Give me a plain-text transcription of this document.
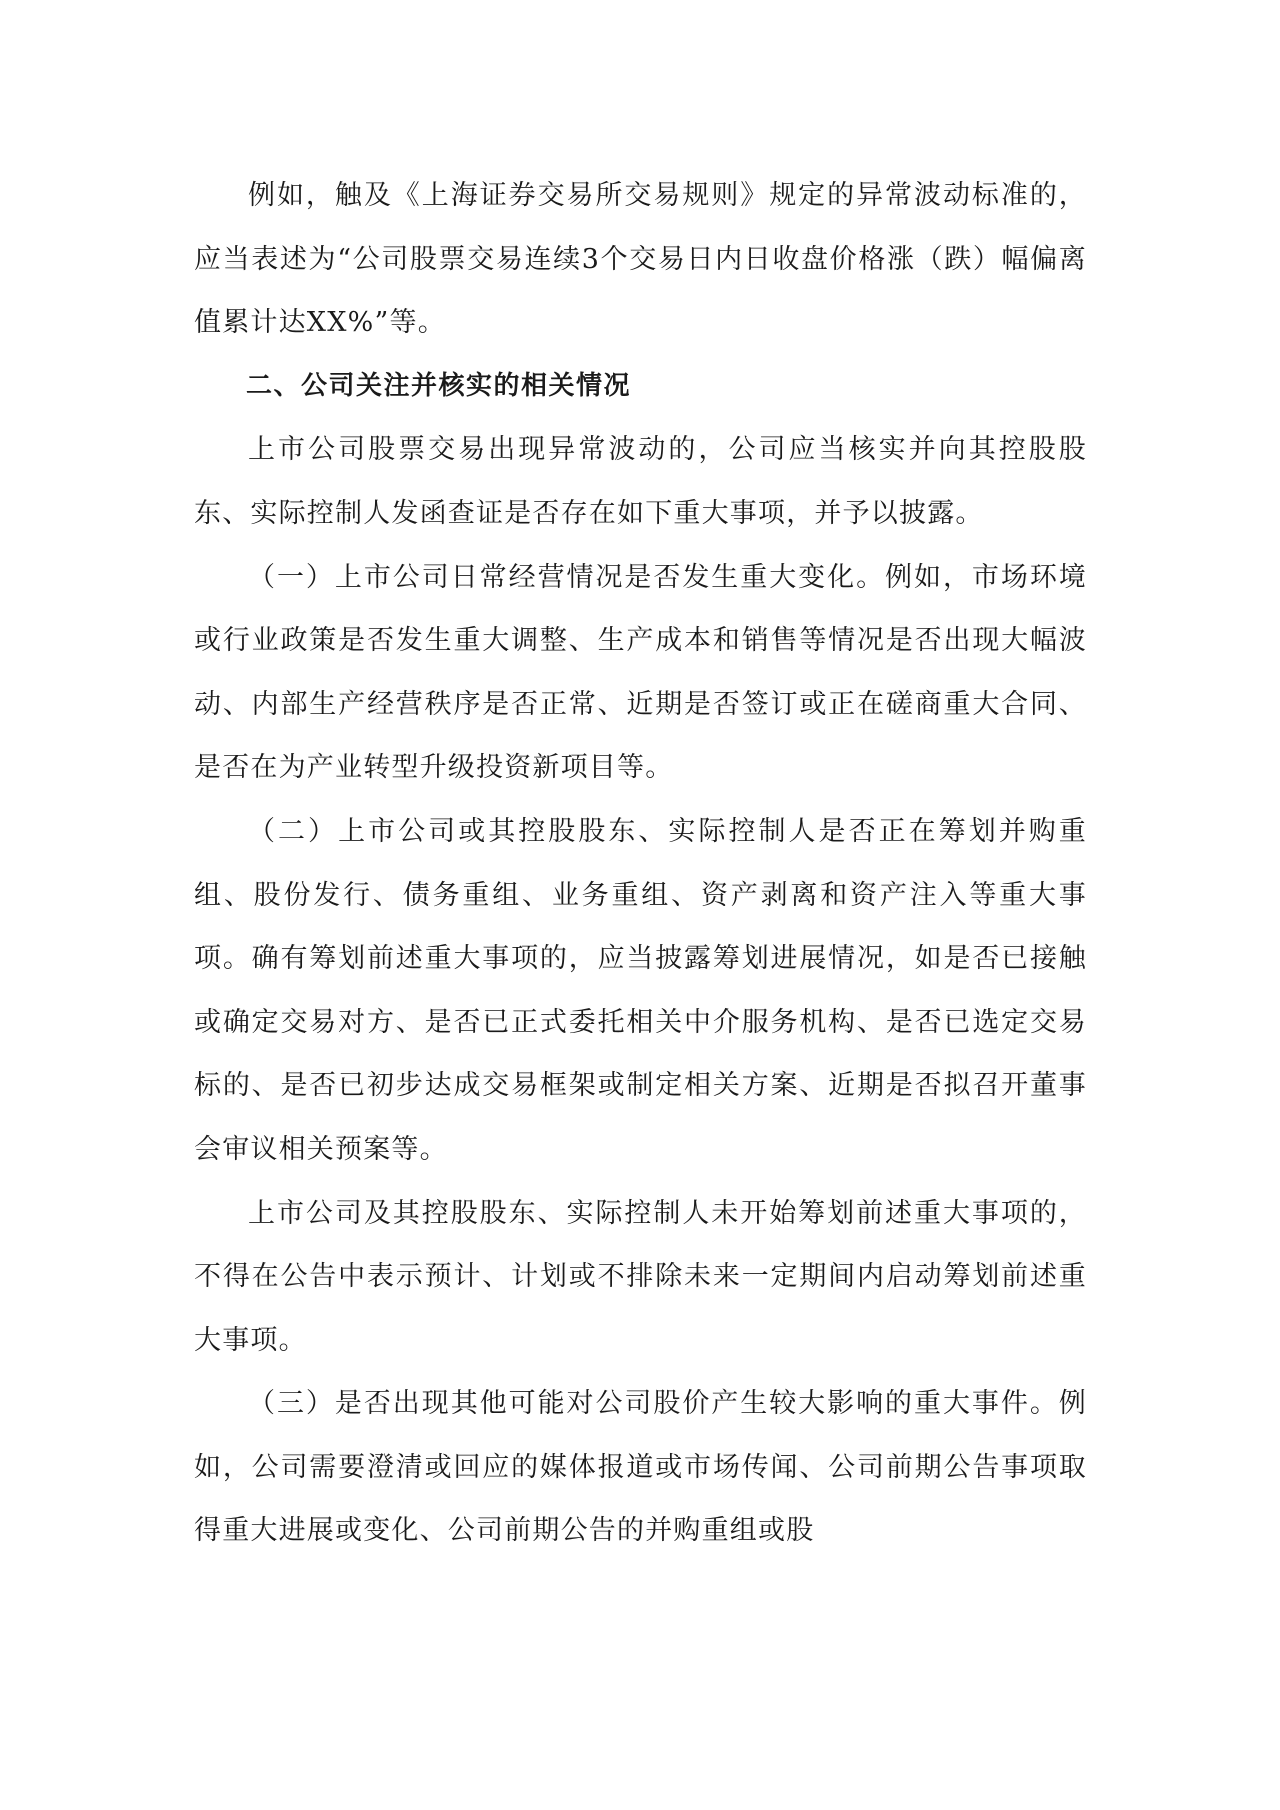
例如，触及《上海证券交易所交易规则》规定的异常波动标准的，应当表述为“公司股票交易连续3个交易日内日收盘价格涨（跌）幅偏离值累计达XX%”等。

二、公司关注并核实的相关情况

上市公司股票交易出现异常波动的，公司应当核实并向其控股股东、实际控制人发函查证是否存在如下重大事项，并予以披露。

（一）上市公司日常经营情况是否发生重大变化。例如，市场环境或行业政策是否发生重大调整、生产成本和销售等情况是否出现大幅波动、内部生产经营秩序是否正常、近期是否签订或正在磋商重大合同、是否在为产业转型升级投资新项目等。

（二）上市公司或其控股股东、实际控制人是否正在筹划并购重组、股份发行、债务重组、业务重组、资产剥离和资产注入等重大事项。确有筹划前述重大事项的，应当披露筹划进展情况，如是否已接触或确定交易对方、是否已正式委托相关中介服务机构、是否已选定交易标的、是否已初步达成交易框架或制定相关方案、近期是否拟召开董事会审议相关预案等。

上市公司及其控股股东、实际控制人未开始筹划前述重大事项的，不得在公告中表示预计、计划或不排除未来一定期间内启动筹划前述重大事项。

（三）是否出现其他可能对公司股价产生较大影响的重大事件。例如，公司需要澄清或回应的媒体报道或市场传闻、公司前期公告事项取得重大进展或变化、公司前期公告的并购重组或股
